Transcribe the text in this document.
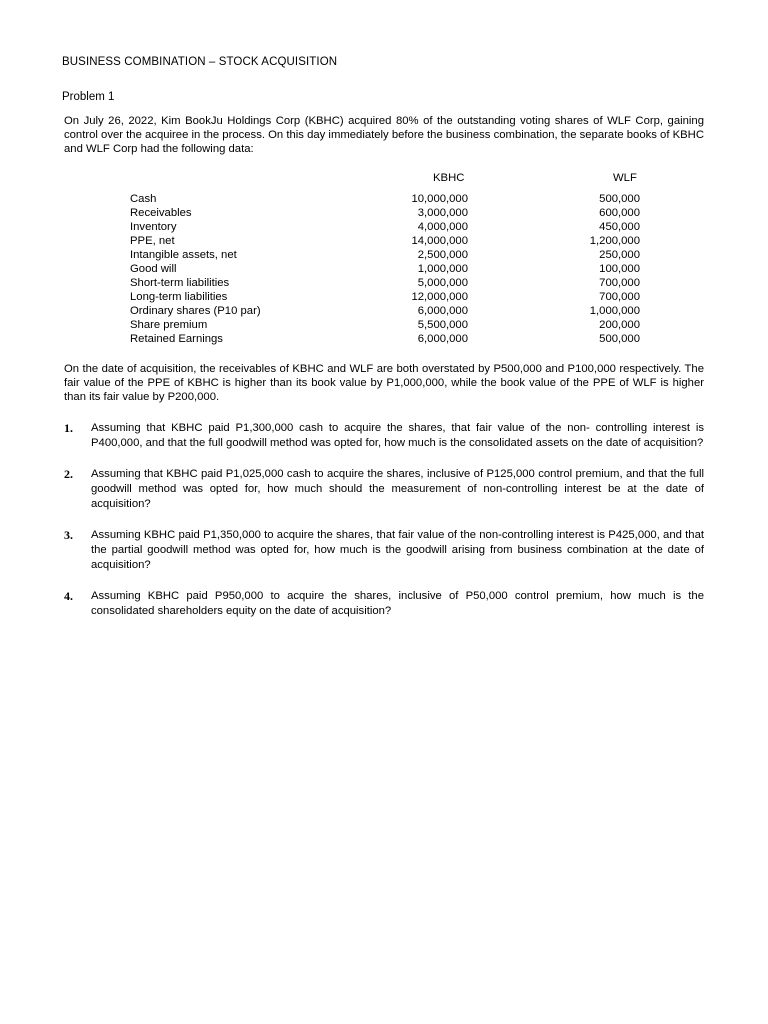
BUSINESS COMBINATION – STOCK ACQUISITION
Problem 1
On July 26, 2022, Kim BookJu Holdings Corp (KBHC) acquired 80% of the outstanding voting shares of WLF Corp, gaining control over the acquiree in the process. On this day immediately before the business combination, the separate books of KBHC and WLF Corp had the following data:
KBHC	WLF
Cash	10,000,000	500,000
Receivables	3,000,000	600,000
Inventory	4,000,000	450,000
PPE, net	14,000,000	1,200,000
Intangible assets, net	2,500,000	250,000
Good will	1,000,000	100,000
Short-term liabilities	5,000,000	700,000
Long-term liabilities	12,000,000	700,000
Ordinary shares (P10 par)	6,000,000	1,000,000
Share premium	5,500,000	200,000
Retained Earnings	6,000,000	500,000
On the date of acquisition, the receivables of KBHC and WLF are both overstated by P500,000 and P100,000 respectively. The fair value of the PPE of KBHC is higher than its book value by P1,000,000, while the book value of the PPE of WLF is higher than its fair value by P200,000.
1. Assuming that KBHC paid P1,300,000 cash to acquire the shares, that fair value of the non- controlling interest is P400,000, and that the full goodwill method was opted for, how much is the consolidated assets on the date of acquisition?
2. Assuming that KBHC paid P1,025,000 cash to acquire the shares, inclusive of P125,000 control premium, and that the full goodwill method was opted for, how much should the measurement of non-controlling interest be at the date of acquisition?
3. Assuming KBHC paid P1,350,000 to acquire the shares, that fair value of the non-controlling interest is P425,000, and that the partial goodwill method was opted for, how much is the goodwill arising from business combination at the date of acquisition?
4. Assuming KBHC paid P950,000 to acquire the shares, inclusive of P50,000 control premium, how much is the consolidated shareholders equity on the date of acquisition?
